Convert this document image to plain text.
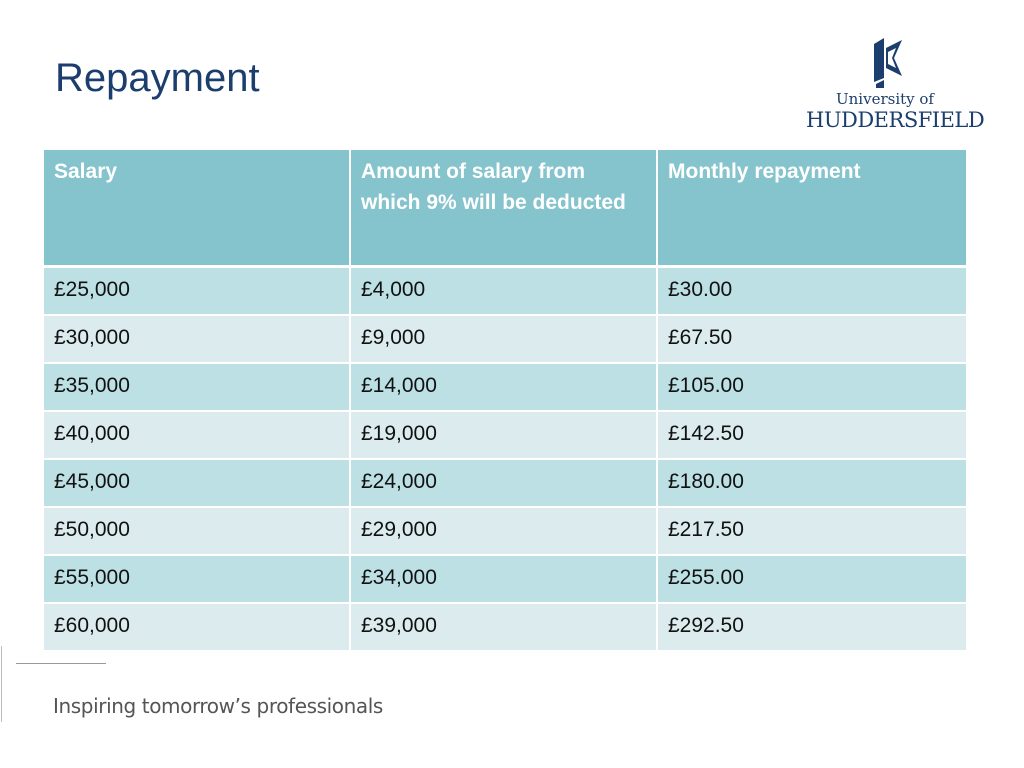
Repayment	University of
HUDDERSFIELD
Salary	Amount of salary from which 9% will be deducted	Monthly repayment
£25,000	£4,000	£30.00
£30,000	£9,000	£67.50
£35,000	£14,000	£105.00
£40,000	£19,000	£142.50
£45,000	£24,000	£180.00
£50,000	£29,000	£217.50
£55,000	£34,000	£255.00
£60,000	£39,000	£292.50
Inspiring tomorrow’s professionals
